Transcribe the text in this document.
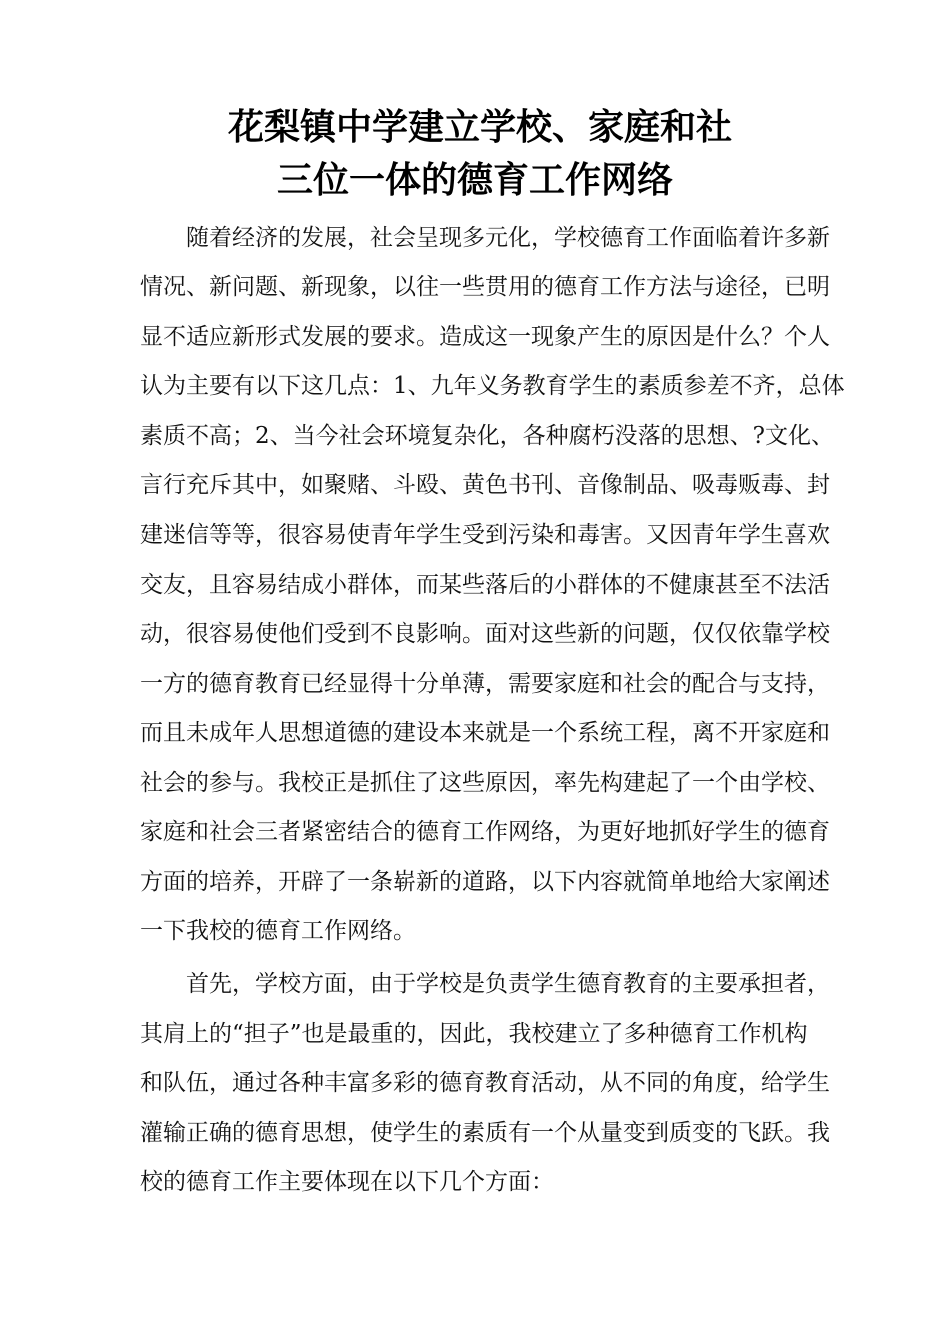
花梨镇中学建立学校、家庭和社
三位一体的德育工作网络

随着经济的发展，社会呈现多元化，学校德育工作面临着许多新

情况、新问题、新现象，以往一些贯用的德育工作方法与途径，已明

显不适应新形式发展的要求。造成这一现象产生的原因是什么？个人

认为主要有以下这几点：1、九年义务教育学生的素质参差不齐，总体

素质不高；2、当今社会环境复杂化，各种腐朽没落的思想、?文化、

言行充斥其中，如聚赌、斗殴、黄色书刊、音像制品、吸毒贩毒、封

建迷信等等，很容易使青年学生受到污染和毒害。又因青年学生喜欢

交友，且容易结成小群体，而某些落后的小群体的不健康甚至不法活

动，很容易使他们受到不良影响。面对这些新的问题，仅仅依靠学校

一方的德育教育已经显得十分单薄，需要家庭和社会的配合与支持，

而且未成年人思想道德的建设本来就是一个系统工程，离不开家庭和

社会的参与。我校正是抓住了这些原因，率先构建起了一个由学校、

家庭和社会三者紧密结合的德育工作网络，为更好地抓好学生的德育

方面的培养，开辟了一条崭新的道路，以下内容就简单地给大家阐述

一下我校的德育工作网络。

首先，学校方面，由于学校是负责学生德育教育的主要承担者，

其肩上的“担子”也是最重的，因此，我校建立了多种德育工作机构

和队伍，通过各种丰富多彩的德育教育活动，从不同的角度，给学生

灌输正确的德育思想，使学生的素质有一个从量变到质变的飞跃。我

校的德育工作主要体现在以下几个方面：
